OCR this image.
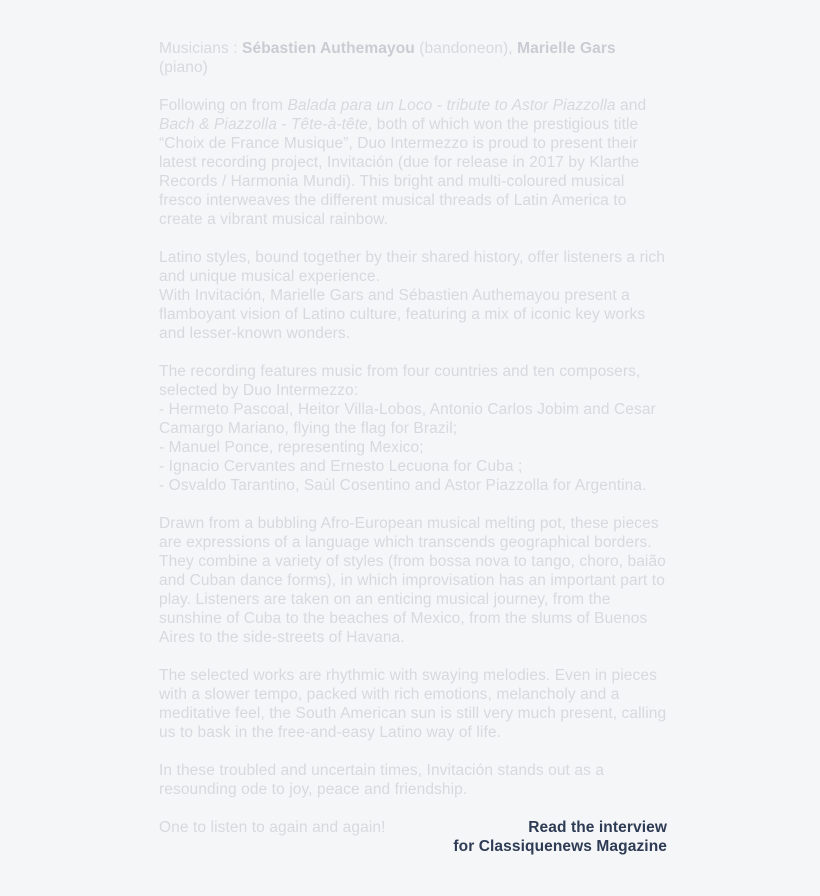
Musicians : Sébastien Authemayou (bandoneon), Marielle Gars (piano)

Following on from Balada para un Loco - tribute to Astor Piazzolla and Bach & Piazzolla - Tête-à-tête, both of which won the prestigious title “Choix de France Musique”, Duo Intermezzo is proud to present their latest recording project, Invitación (due for release in 2017 by Klarthe Records / Harmonia Mundi). This bright and multi-coloured musical fresco interweaves the different musical threads of Latin America to create a vibrant musical rainbow.

Latino styles, bound together by their shared history, offer listeners a rich and unique musical experience.
With Invitación, Marielle Gars and Sébastien Authemayou present a flamboyant vision of Latino culture, featuring a mix of iconic key works and lesser-known wonders.

The recording features music from four countries and ten composers, selected by Duo Intermezzo:
- Hermeto Pascoal, Heitor Villa-Lobos, Antonio Carlos Jobim and Cesar Camargo Mariano, flying the flag for Brazil;
- Manuel Ponce, representing Mexico;
- Ignacio Cervantes and Ernesto Lecuona for Cuba ;
- Osvaldo Tarantino, Saùl Cosentino and Astor Piazzolla for Argentina.

Drawn from a bubbling Afro-European musical melting pot, these pieces are expressions of a language which transcends geographical borders. They combine a variety of styles (from bossa nova to tango, choro, baião and Cuban dance forms), in which improvisation has an important part to play. Listeners are taken on an enticing musical journey, from the sunshine of Cuba to the beaches of Mexico, from the slums of Buenos Aires to the side-streets of Havana.

The selected works are rhythmic with swaying melodies. Even in pieces with a slower tempo, packed with rich emotions, melancholy and a meditative feel, the South American sun is still very much present, calling us to bask in the free-and-easy Latino way of life.

In these troubled and uncertain times, Invitación stands out as a resounding ode to joy, peace and friendship.

One to listen to again and again!	Read the interview
for Classiquenews Magazine
